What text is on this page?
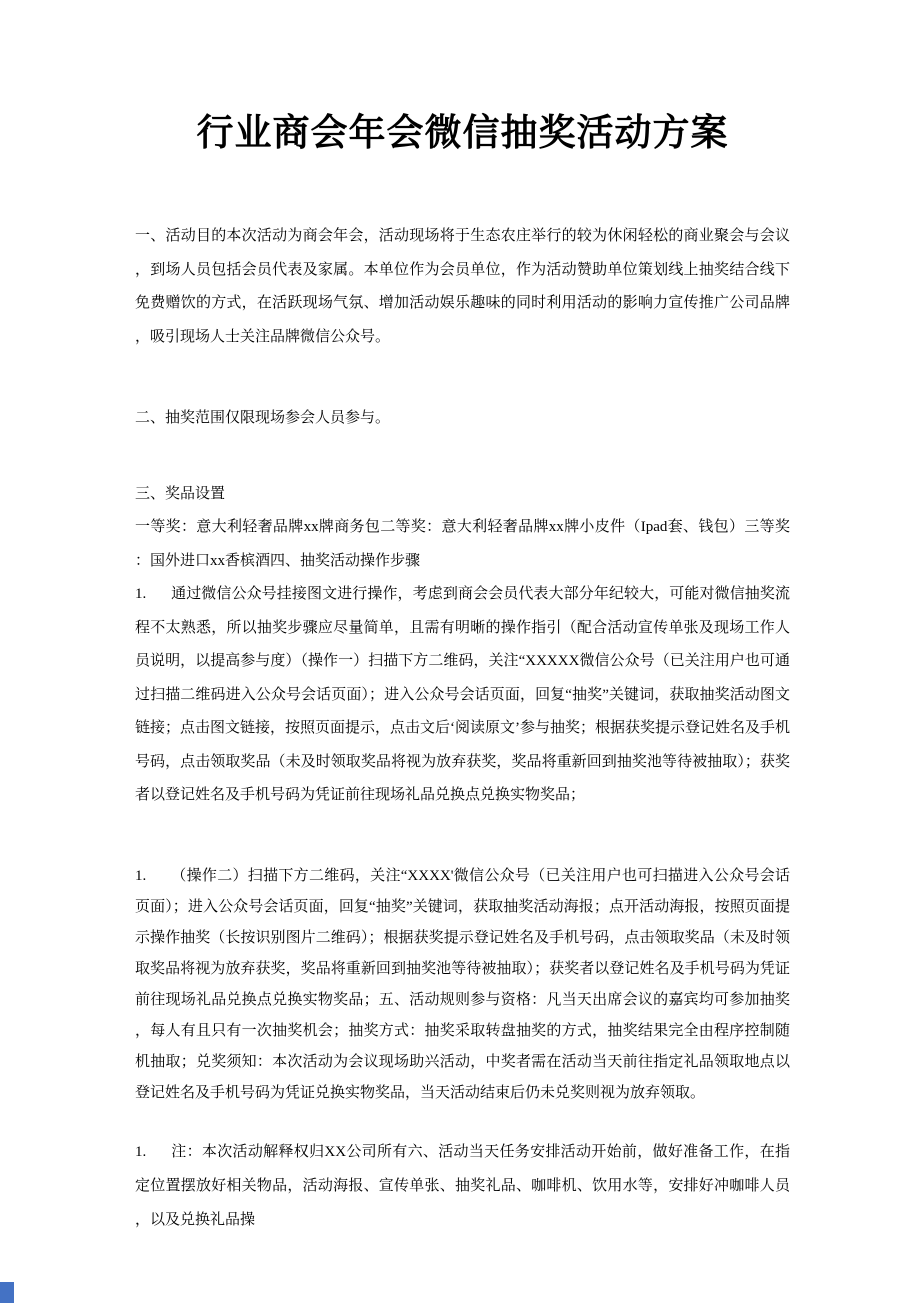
行业商会年会微信抽奖活动方案

一、活动目的本次活动为商会年会，活动现场将于生态农庄举行的较为休闲轻松的商业聚会与会议，到场人员包括会员代表及家属。本单位作为会员单位，作为活动赞助单位策划线上抽奖结合线下免费赠饮的方式，在活跃现场气氛、增加活动娱乐趣味的同时利用活动的影响力宣传推广公司品牌，吸引现场人士关注品牌微信公众号。

二、抽奖范围仅限现场参会人员参与。

三、奖品设置

一等奖：意大利轻奢品牌xx牌商务包二等奖：意大利轻奢品牌xx牌小皮件（Ipad套、钱包）三等奖：国外进口xx香槟酒四、抽奖活动操作步骤

1. 通过微信公众号挂接图文进行操作，考虑到商会会员代表大部分年纪较大，可能对微信抽奖流程不太熟悉，所以抽奖步骤应尽量简单，且需有明晰的操作指引（配合活动宣传单张及现场工作人员说明，以提高参与度）（操作一）扫描下方二维码，关注“XXXXX微信公众号（已关注用户也可通过扫描二维码进入公众号会话页面）；进入公众号会话页面，回复“抽奖”关键词，获取抽奖活动图文链接；点击图文链接，按照页面提示，点击文后‘阅读原文’参与抽奖；根据获奖提示登记姓名及手机号码，点击领取奖品（未及时领取奖品将视为放弃获奖，奖品将重新回到抽奖池等待被抽取）；获奖者以登记姓名及手机号码为凭证前往现场礼品兑换点兑换实物奖品；

1. （操作二）扫描下方二维码，关注“XXXX'微信公众号（已关注用户也可扫描进入公众号会话页面）；进入公众号会话页面，回复“抽奖”关键词，获取抽奖活动海报；点开活动海报，按照页面提示操作抽奖（长按识别图片二维码）；根据获奖提示登记姓名及手机号码，点击领取奖品（未及时领取奖品将视为放弃获奖，奖品将重新回到抽奖池等待被抽取）；获奖者以登记姓名及手机号码为凭证前往现场礼品兑换点兑换实物奖品；五、活动规则参与资格：凡当天出席会议的嘉宾均可参加抽奖，每人有且只有一次抽奖机会；抽奖方式：抽奖采取转盘抽奖的方式，抽奖结果完全由程序控制随机抽取；兑奖须知：本次活动为会议现场助兴活动，中奖者需在活动当天前往指定礼品领取地点以登记姓名及手机号码为凭证兑换实物奖品，当天活动结束后仍未兑奖则视为放弃领取。

1. 注：本次活动解释权归XX公司所有六、活动当天任务安排活动开始前，做好准备工作，在指定位置摆放好相关物品，活动海报、宣传单张、抽奖礼品、咖啡机、饮用水等，安排好冲咖啡人员，以及兑换礼品操
